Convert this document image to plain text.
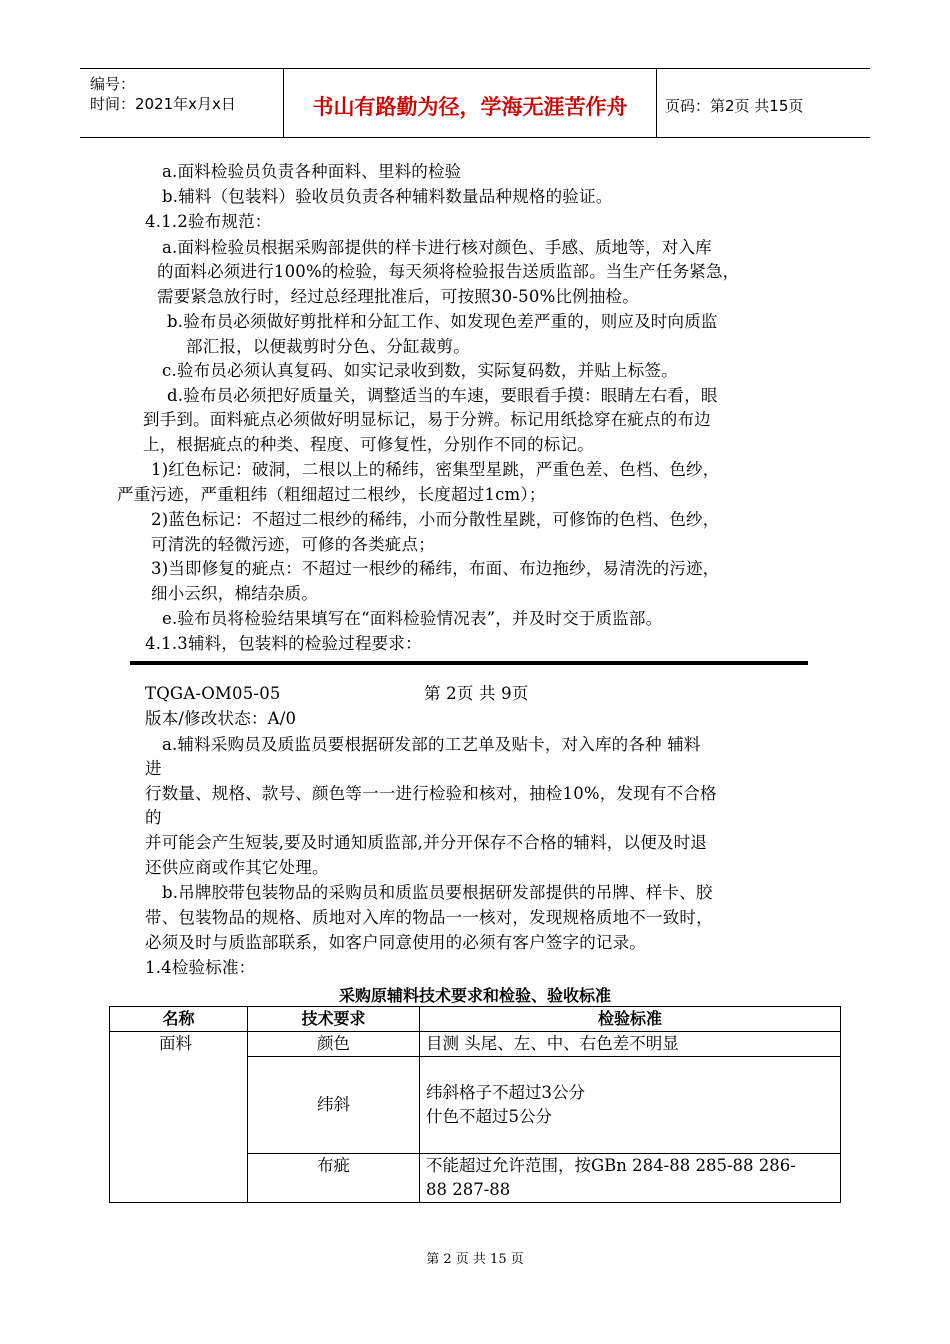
编号：
时间：2021年x月x日	书山有路勤为径，学海无涯苦作舟	页码：第2页 共15页
a.面料检验员负责各种面料、里料的检验
b.辅料（包装料）验收员负责各种辅料数量品种规格的验证。
4.1.2验布规范：
a.面料检验员根据采购部提供的样卡进行核对颜色、手感、质地等，对入库
的面料必须进行100%的检验，每天须将检验报告送质监部。当生产任务紧急，
需要紧急放行时，经过总经理批准后，可按照30-50%比例抽检。
b.验布员必须做好剪批样和分缸工作、如发现色差严重的，则应及时向质监
部汇报，以便裁剪时分色、分缸裁剪。
c.验布员必须认真复码、如实记录收到数，实际复码数，并贴上标签。
d.验布员必须把好质量关，调整适当的车速，要眼看手摸：眼睛左右看，眼
到手到。面料疵点必须做好明显标记，易于分辨。标记用纸捻穿在疵点的布边
上，根据疵点的种类、程度、可修复性，分别作不同的标记。
1)红色标记：破洞，二根以上的稀纬，密集型星跳，严重色差、色档、色纱，
严重污迹，严重粗纬（粗细超过二根纱，长度超过1cm）；
2)蓝色标记：不超过二根纱的稀纬，小而分散性星跳，可修饰的色档、色纱，
可清洗的轻微污迹，可修的各类疵点；
3)当即修复的疵点：不超过一根纱的稀纬，布面、布边拖纱，易清洗的污迹，
细小云织，棉结杂质。
e.验布员将检验结果填写在“面料检验情况表”，并及时交于质监部。
4.1.3辅料，包装料的检验过程要求：
TQGA-OM05-05	第 2页 共 9页
版本/修改状态：A/0
a.辅料采购员及质监员要根据研发部的工艺单及贴卡，对入库的各种 辅料
进
行数量、规格、款号、颜色等一一进行检验和核对，抽检10%，发现有不合格
的
并可能会产生短装,要及时通知质监部,并分开保存不合格的辅料，以便及时退
还供应商或作其它处理。
b.吊牌胶带包装物品的采购员和质监员要根据研发部提供的吊牌、样卡、胶
带、包装物品的规格、质地对入库的物品一一核对，发现规格质地不一致时，
必须及时与质监部联系，如客户同意使用的必须有客户签字的记录。
1.4检验标准：
采购原辅料技术要求和检验、验收标准
名称	技术要求	检验标准
面料	颜色	目测 头尾、左、中、右色差不明显
	纬斜	纬斜格子不超过3公分
什色不超过5公分

	布疵	不能超过允许范围，按GBn 284-88 285-88 286-
88 287-88
第 2 页 共 15 页
